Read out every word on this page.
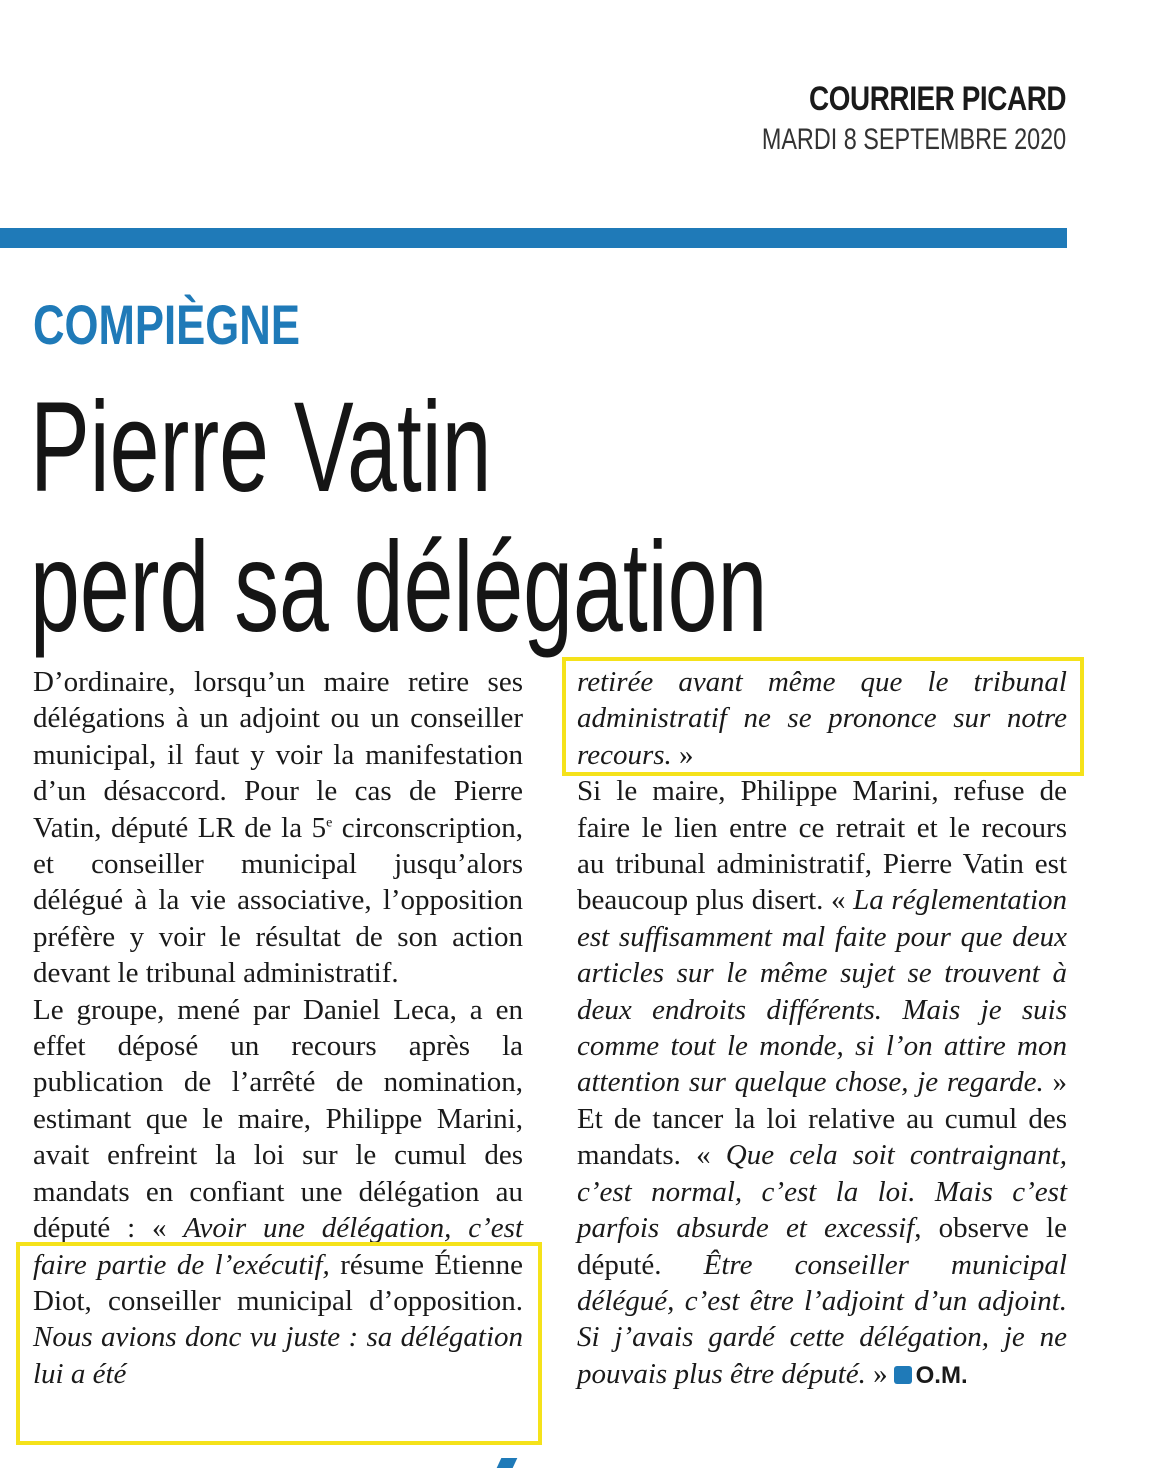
COURRIER PICARD
MARDI 8 SEPTEMBRE 2020
COMPIÈGNE
Pierre Vatin
perd sa délégation

D’ordinaire, lorsqu’un maire retire ses délégations à un adjoint ou un conseiller municipal, il faut y voir la manifestation d’un désaccord. Pour le cas de Pierre Vatin, député LR de la 5e circonscription, et conseiller municipal jusqu’alors délégué à la vie associative, l’opposition préfère y voir le résultat de son action devant le tribunal administratif.

Le groupe, mené par Daniel Leca, a en effet déposé un recours après la publication de l’arrêté de nomination, estimant que le maire, Philippe Marini, avait enfreint la loi sur le cumul des mandats en confiant une délégation au député : « Avoir une délégation, c’est faire partie de l’exécutif, résume Étienne Diot, conseiller municipal d’opposition. Nous avions donc vu juste : sa délégation lui a été

retirée avant même que le tribunal administratif ne se prononce sur notre recours. »

Si le maire, Philippe Marini, refuse de faire le lien entre ce retrait et le recours au tribunal administratif, Pierre Vatin est beaucoup plus disert. « La réglementation est suffisamment mal faite pour que deux articles sur le même sujet se trouvent à deux endroits différents. Mais je suis comme tout le monde, si l’on attire mon attention sur quelque chose, je regarde. » Et de tancer la loi relative au cumul des mandats. « Que cela soit contraignant, c’est normal, c’est la loi. Mais c’est parfois absurde et excessif, observe le député. Être conseiller municipal délégué, c’est être l’adjoint d’un adjoint. Si j’avais gardé cette délégation, je ne pouvais plus être député. » O.M.
